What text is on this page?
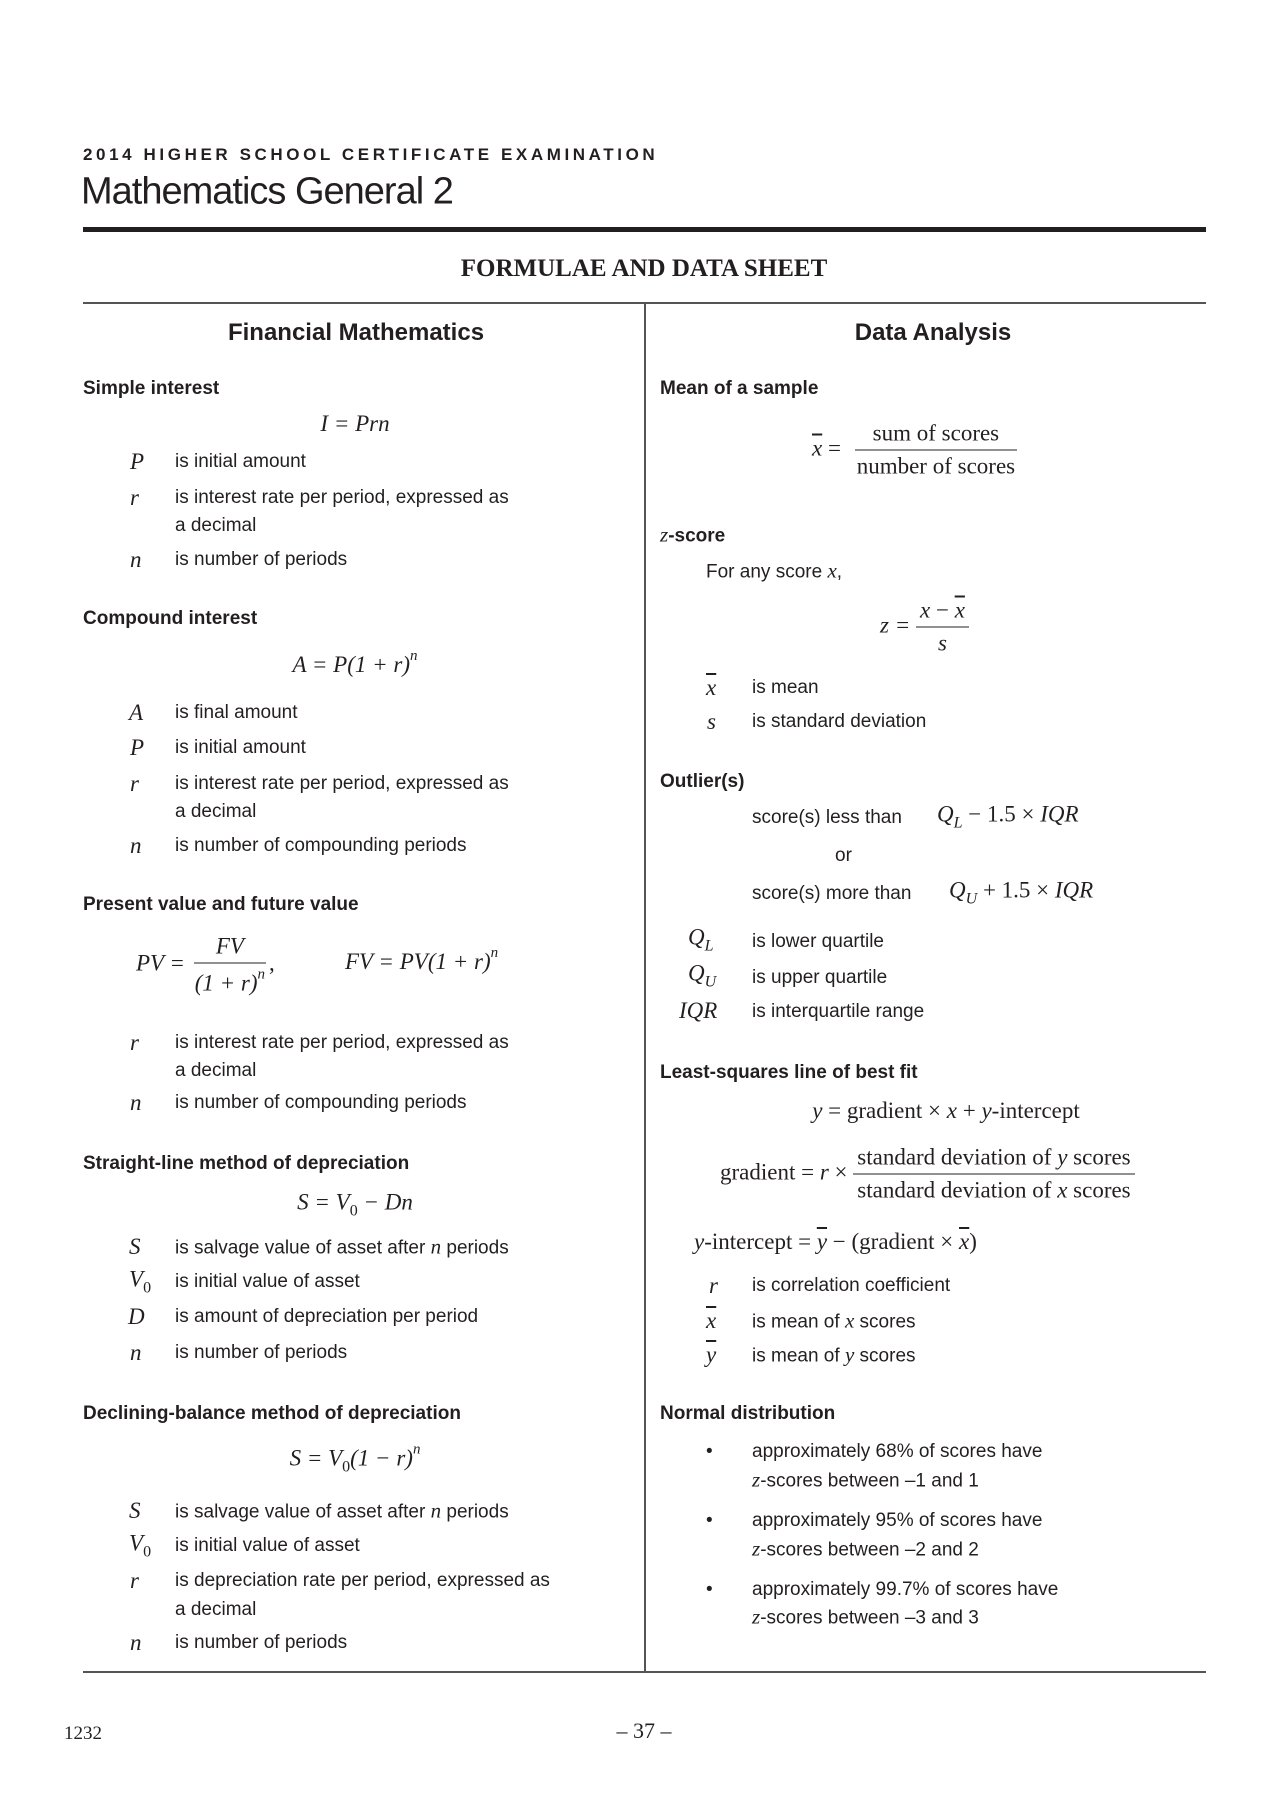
2014 HIGHER SCHOOL CERTIFICATE EXAMINATION
Mathematics General 2
FORMULAE AND DATA SHEET
Financial Mathematics
Simple interest
I = Prn
P is initial amount
r is interest rate per period, expressed as
a decimal
n is number of periods
Compound interest
$A = P(1 + r)^n$
A is final amount
P is initial amount
r is interest rate per period, expressed as
a decimal
n is number of compounding periods
Present value and future value
PV = $\frac{FV}{(1 + r)^n}$ ,	FV = $PV(1 + r)^n$
r is interest rate per period, expressed as
a decimal
n is number of compounding periods
Straight-line method of depreciation
$S = V_0 - Dn$
S is salvage value of asset after n periods
$V_0$ is initial value of asset
D is amount of depreciation per period
n is number of periods
Declining-balance method of depreciation
$S = V_0(1 - r)^n$
S is salvage value of asset after n periods
$V_0$ is initial value of asset
r is depreciation rate per period, expressed as
a decimal
n is number of periods
Data Analysis
Mean of a sample
$\overline{x} = \frac{\text{sum of scores}}{\text{number of scores}}$
z-score
For any score x,
$z = \frac{x - \overline{x}}{s}$
$\overline{x}$ is mean
s is standard deviation
Outlier(s)
score(s) less than $Q_L - 1.5$ × IQR
or
score(s) more than $Q_U + 1.5$ × IQR
$Q_L$ is lower quartile
$Q_U$ is upper quartile
IQR is interquartile range
Least-squares line of best fit
y = gradient × x + y-intercept
gradient = $r \times \frac{\text{standard deviation of y scores}}{\text{standard deviation of x scores}}$
y-intercept = $\overline{y}$ − (gradient × $\overline{x}$)
r is correlation coefficient
$\overline{x}$ is mean of x scores
$\overline{y}$ is mean of y scores
Normal distribution
• approximately 68% of scores have
z-scores between –1 and 1
• approximately 95% of scores have
z-scores between –2 and 2
• approximately 99.7% of scores have
z-scores between –3 and 3
1232	– 37 –
